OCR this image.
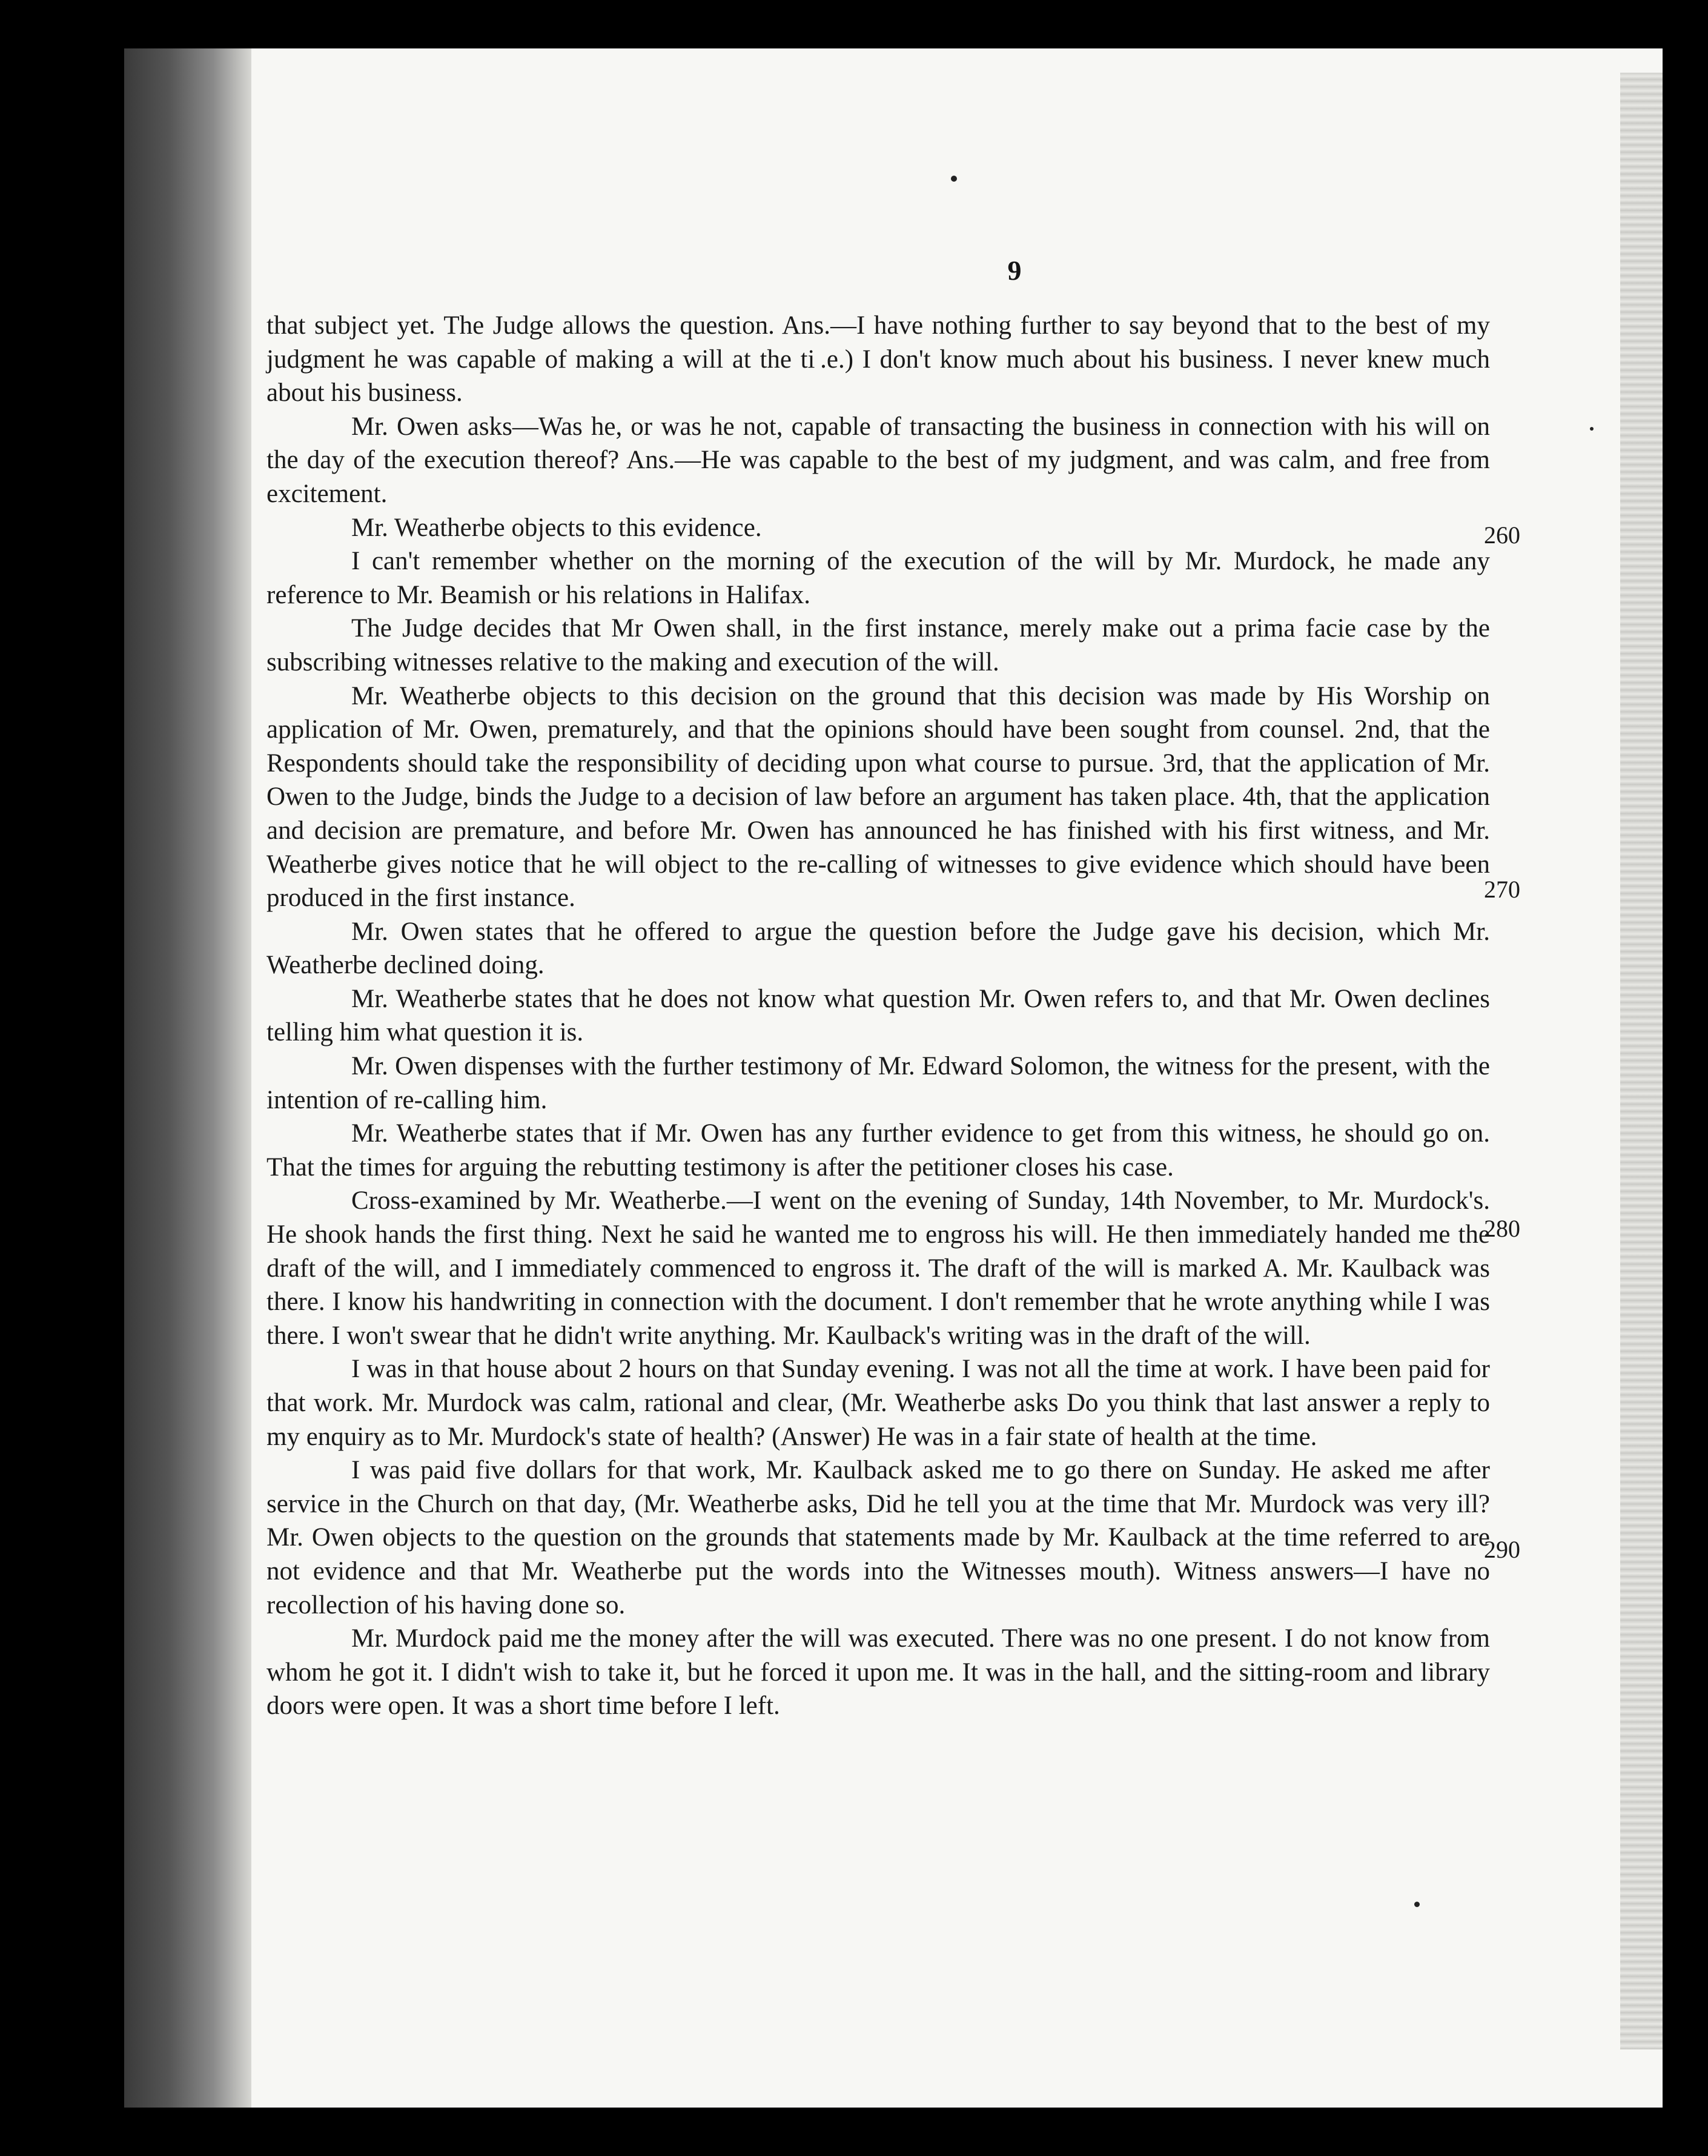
9

that subject yet. The Judge allows the question. Ans.—I have nothing further to say beyond that to the best of my judgment he was capable of making a will at the ti .e.) I don't know much about his business. I never knew much about his business.

Mr. Owen asks—Was he, or was he not, capable of transacting the business in connection with his will on the day of the execution thereof? Ans.—He was capable to the best of my judgment, and was calm, and free from excitement.

Mr. Weatherbe objects to this evidence.

I can't remember whether on the morning of the execution of the will by Mr. Murdock, he made any reference to Mr. Beamish or his relations in Halifax.

The Judge decides that Mr Owen shall, in the first instance, merely make out a prima facie case by the subscribing witnesses relative to the making and execution of the will.

Mr. Weatherbe objects to this decision on the ground that this decision was made by His Worship on application of Mr. Owen, prematurely, and that the opinions should have been sought from counsel. 2nd, that the Respondents should take the responsibility of deciding upon what course to pursue. 3rd, that the application of Mr. Owen to the Judge, binds the Judge to a decision of law before an argument has taken place. 4th, that the application and decision are premature, and before Mr. Owen has announced he has finished with his first witness, and Mr. Weatherbe gives notice that he will object to the re-calling of witnesses to give evidence which should have been produced in the first instance.

Mr. Owen states that he offered to argue the question before the Judge gave his decision, which Mr. Weatherbe declined doing.

Mr. Weatherbe states that he does not know what question Mr. Owen refers to, and that Mr. Owen declines telling him what question it is.

Mr. Owen dispenses with the further testimony of Mr. Edward Solomon, the witness for the present, with the intention of re-calling him.

Mr. Weatherbe states that if Mr. Owen has any further evidence to get from this witness, he should go on. That the times for arguing the rebutting testimony is after the petitioner closes his case.

Cross-examined by Mr. Weatherbe.—I went on the evening of Sunday, 14th November, to Mr. Murdock's. He shook hands the first thing. Next he said he wanted me to engross his will. He then immediately handed me the draft of the will, and I immediately commenced to engross it. The draft of the will is marked A. Mr. Kaulback was there. I know his handwriting in connection with the document. I don't remember that he wrote anything while I was there. I won't swear that he didn't write anything. Mr. Kaulback's writing was in the draft of the will.

I was in that house about 2 hours on that Sunday evening. I was not all the time at work. I have been paid for that work. Mr. Murdock was calm, rational and clear, (Mr. Weatherbe asks Do you think that last answer a reply to my enquiry as to Mr. Murdock's state of health? (Answer) He was in a fair state of health at the time.

I was paid five dollars for that work, Mr. Kaulback asked me to go there on Sunday. He asked me after service in the Church on that day, (Mr. Weatherbe asks, Did he tell you at the time that Mr. Murdock was very ill? Mr. Owen objects to the question on the grounds that statements made by Mr. Kaulback at the time referred to are not evidence and that Mr. Weatherbe put the words into the Witnesses mouth). Witness answers—I have no recollection of his having done so.

Mr. Murdock paid me the money after the will was executed. There was no one present. I do not know from whom he got it. I didn't wish to take it, but he forced it upon me. It was in the hall, and the sitting-room and library doors were open. It was a short time before I left.

260
270
280
290
